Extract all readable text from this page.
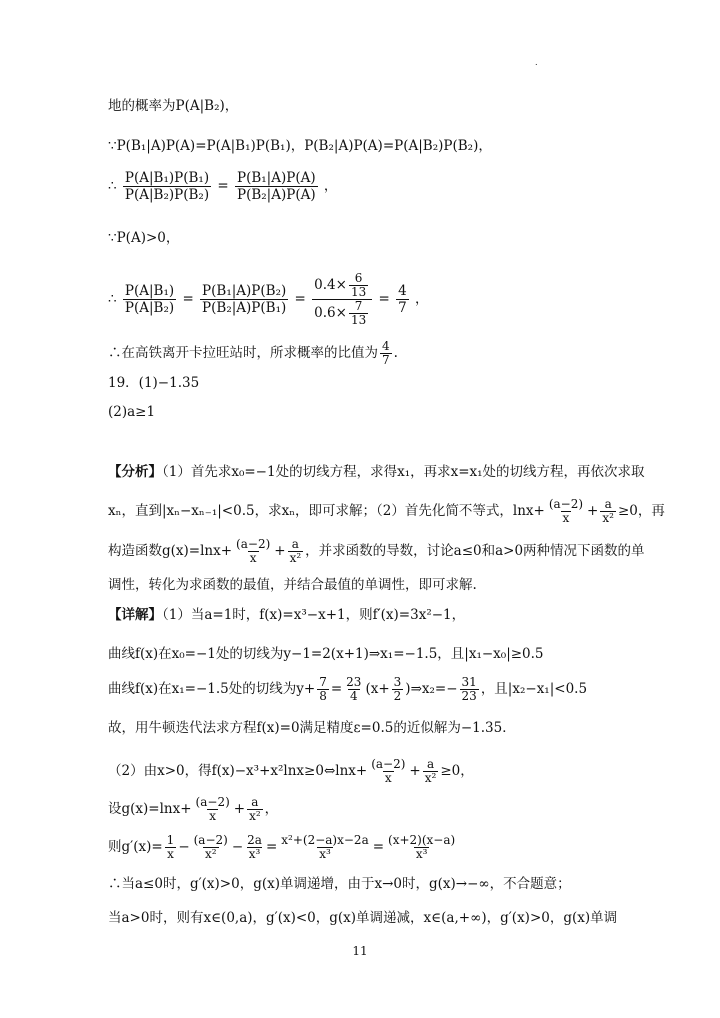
.
地的概率为P(A|B₂)，
∵P(B₁|A)P(A)=P(A|B₁)P(B₁)，P(B₂|A)P(A)=P(A|B₂)P(B₂)，
∴ $\frac{\text{P(A|B₁)P(B₁)}}{\text{P(A|B₂)P(B₂)}} = \frac{\text{P(B₁|A)P(A)}}{\text{P(B₂|A)P(A)}}$ ，
∵P(A)>0，
∴ $\frac{\text{P(A|B₁)}}{\text{P(A|B₂)}} = \frac{\text{P(B₁|A)P(B₂)}}{\text{P(B₂|A)P(B₁)}} = \frac{0.4\times \frac{6}{13}}{0.6\times \frac{7}{13}} = \frac{4}{7}$ ，
∴在高铁离开卡拉旺站时，所求概率的比值为 $\frac{4}{7}$ .
19．(1)−1.35
(2)a≥1
【分析】（1）首先求x₀=−1处的切线方程，求得x₁，再求x=x₁处的切线方程，再依次求取
xₙ，直到|xₙ−xₙ₋₁|<0.5，求xₙ，即可求解；（2）首先化简不等式，$\ln x+ \frac{(a-2)}{x} + \frac{a}{\text{x²}} \ge 0$，再
构造函数$g(x)=\ln x+ \frac{(a-2)}{x} + \frac{a}{\text{x²}}$ ，并求函数的导数，讨论a≤0和a>0两种情况下函数的单
调性，转化为求函数的最值，并结合最值的单调性，即可求解.
【详解】（1）当a=1时，f(x)=x³−x+1，则f′(x)=3x²−1，
曲线f(x)在x₀=−1处的切线为y−1=2(x+1)⇒x₁=−1.5，且|x₁−x₀|≥0.5
曲线f(x)在x₁=−1.5处的切线为$y+ \frac{7}{8} = \frac{23}{4} (x+ \frac{3}{2}$ )⇒x₂=− $\frac{31}{23}$ ，且|x₂−x₁|<0.5
故，用牛顿迭代法求方程f(x)=0满足精度ε=0.5的近似解为−1.35．
（2）由x>0，得f(x)−x³+x²lnx≥0⇔lnx+ $\frac{(a-2)}{x} + \frac{a}{\text{x²}} \ge 0$，
设$g(x)=\ln x+ \frac{(a-2)}{x} + \frac{a}{\text{x²}}$ ，
则$g'(x)= \frac{1}{x} - \frac{(a-2)}{\text{x²}} - \frac{2a}{\text{x³}} = \frac{\text{x²+(2−a)x−2a}}{\text{x³}} = \frac{(x+2)(x-a)}{\text{x³}}$
∴当a≤0时，g′(x)>0，g(x)单调递增，由于x→0时，g(x)→−∞，不合题意；
当a>0时，则有x∈(0,a)，g′(x)<0，g(x)单调递减，x∈(a,+∞)，g′(x)>0，g(x)单调
11
